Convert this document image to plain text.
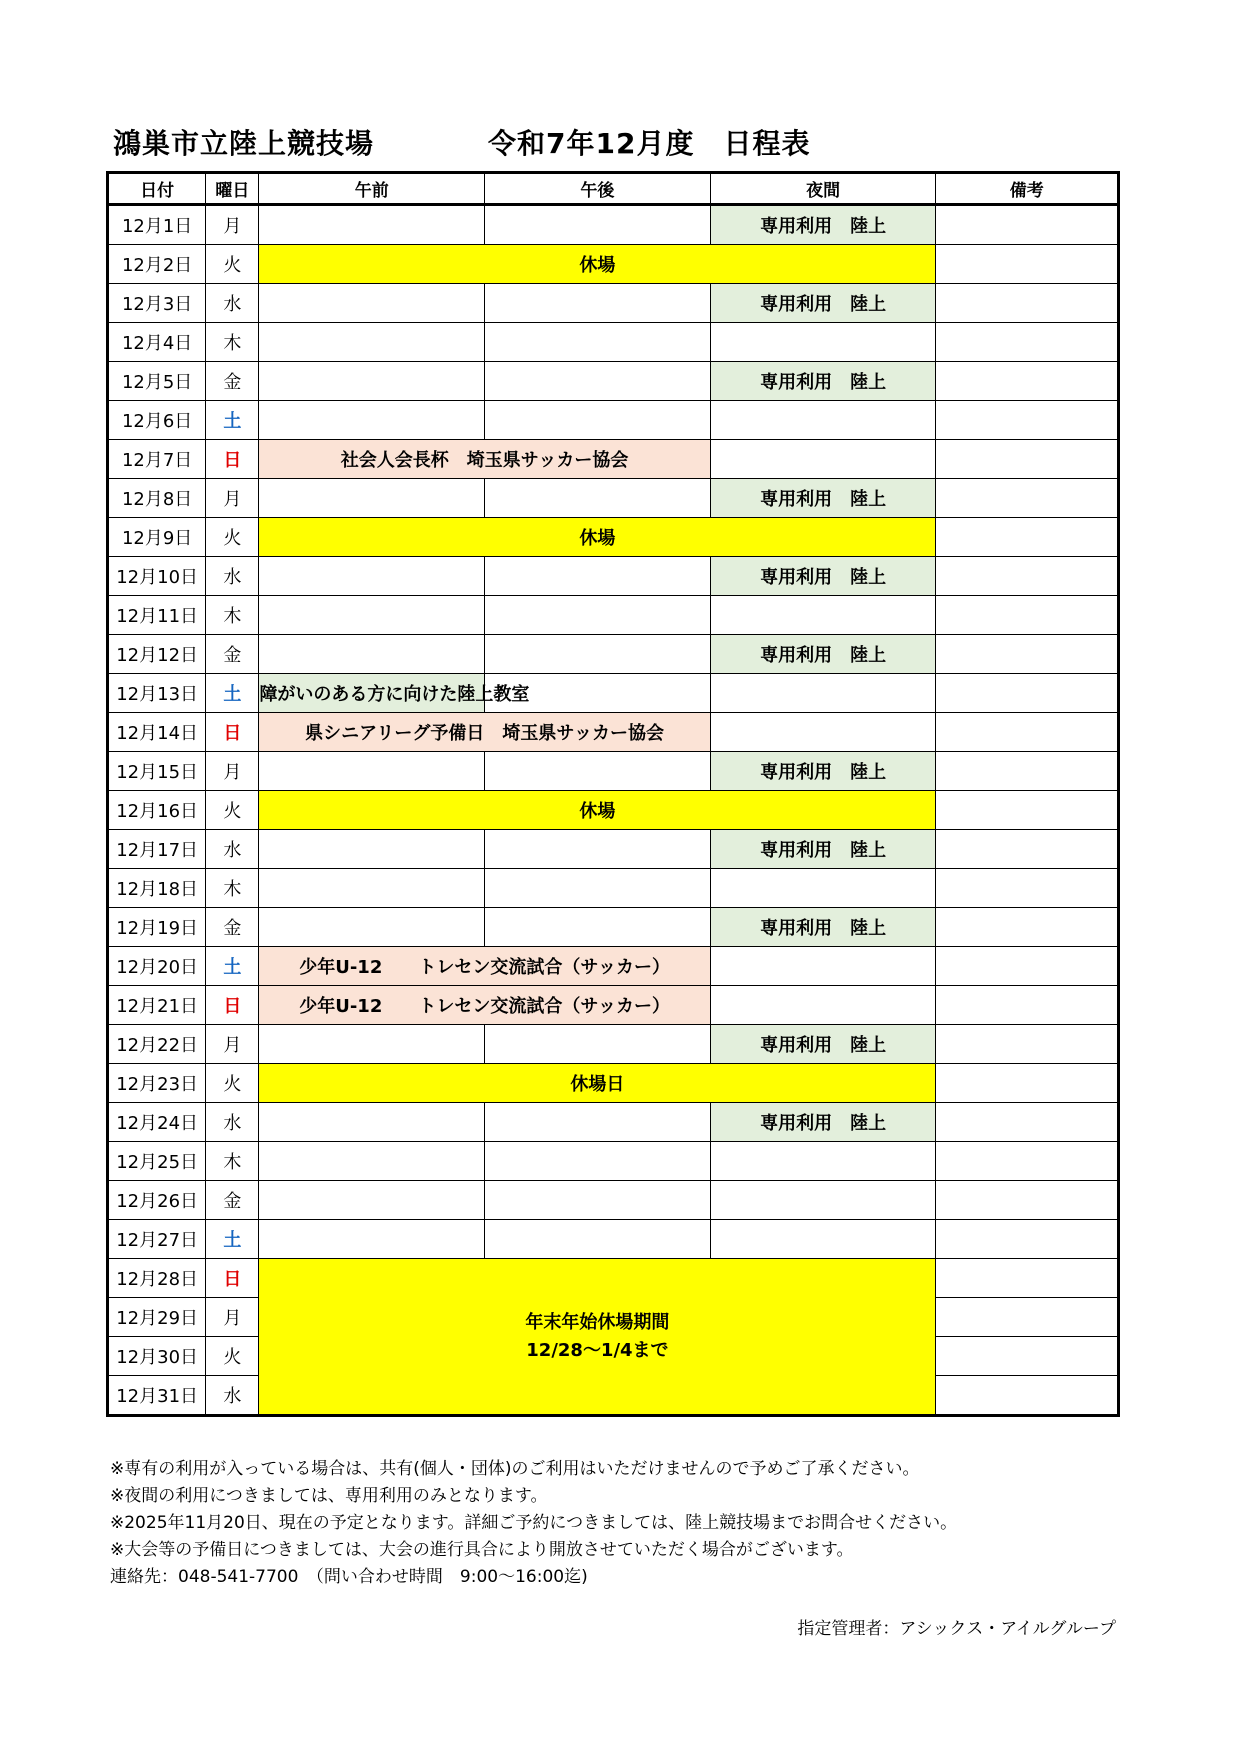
鴻巣市立陸上競技場	令和7年12月度　日程表
日付	曜日	午前	午後	夜間	備考
12月1日	月			専用利用　陸上	
12月2日	火	休場			
12月3日	水			専用利用　陸上	
12月4日	木				
12月5日	金			専用利用　陸上	
12月6日	土				
12月7日	日	社会人会長杯　埼玉県サッカー協会			
12月8日	月			専用利用　陸上	
12月9日	火	休場			
12月10日	水			専用利用　陸上	
12月11日	木				
12月12日	金			専用利用　陸上	
12月13日	土	障がいのある方に向けた陸上教室			
12月14日	日	県シニアリーグ予備日　埼玉県サッカー協会			
12月15日	月			専用利用　陸上	
12月16日	火	休場			
12月17日	水			専用利用　陸上	
12月18日	木				
12月19日	金			専用利用　陸上	
12月20日	土	少年U-12　　トレセン交流試合（サッカー）			
12月21日	日	少年U-12　　トレセン交流試合（サッカー）			
12月22日	月			専用利用　陸上	
12月23日	火	休場日			
12月24日	水			専用利用　陸上	
12月25日	木				
12月26日	金				
12月27日	土				
12月28日	日	年末年始休場期間
12/28～1/4まで			

12月29日	月				
12月30日	火				
12月31日	水				
※専有の利用が入っている場合は、共有(個人・団体)のご利用はいただけませんので予めご了承ください。
※夜間の利用につきましては、専用利用のみとなります。
※2025年11月20日、現在の予定となります。詳細ご予約につきましては、陸上競技場までお問合せください。
※大会等の予備日につきましては、大会の進行具合により開放させていただく場合がございます。
連絡先：048-541-7700　（問い合わせ時間　9:00～16:00迄)
指定管理者：アシックス・アイルグループ
